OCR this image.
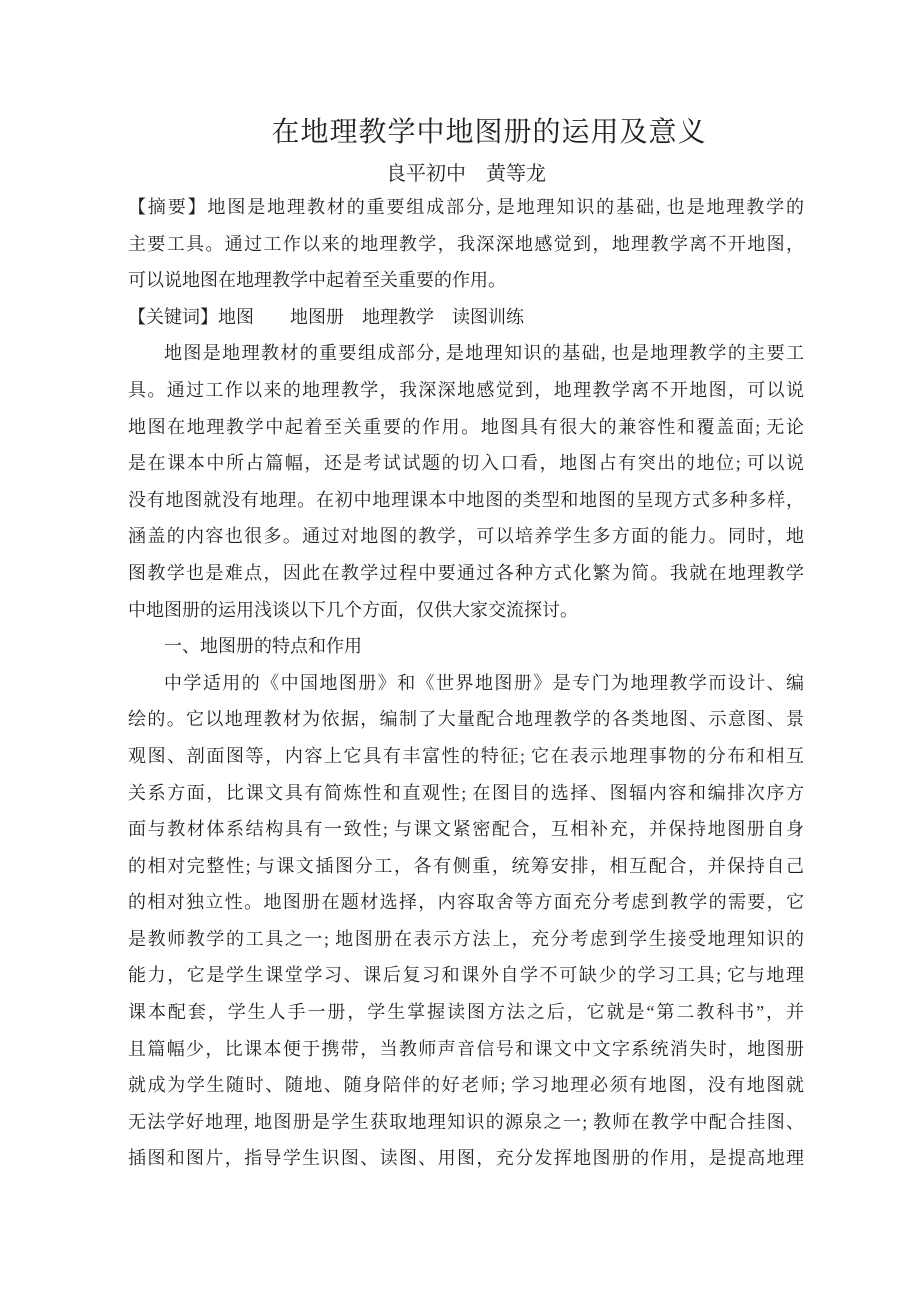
在地理教学中地图册的运用及意义
良平初中　黄等龙
【摘要】地图是地理教材的重要组成部分, 是地理知识的基础, 也是地理教学的
主要工具。通过工作以来的地理教学，我深深地感觉到，地理教学离不开地图，
可以说地图在地理教学中起着至关重要的作用。
【关键词】地图　　地图册　地理教学　读图训练
地图是地理教材的重要组成部分, 是地理知识的基础, 也是地理教学的主要工
具。通过工作以来的地理教学，我深深地感觉到，地理教学离不开地图，可以说
地图在地理教学中起着至关重要的作用。地图具有很大的兼容性和覆盖面; 无论
是在课本中所占篇幅，还是考试试题的切入口看，地图占有突出的地位; 可以说
没有地图就没有地理。在初中地理课本中地图的类型和地图的呈现方式多种多样，
涵盖的内容也很多。通过对地图的教学，可以培养学生多方面的能力。同时，地
图教学也是难点，因此在教学过程中要通过各种方式化繁为简。我就在地理教学
中地图册的运用浅谈以下几个方面，仅供大家交流探讨。
一、地图册的特点和作用
中学适用的《中国地图册》和《世界地图册》是专门为地理教学而设计、编
绘的。它以地理教材为依据，编制了大量配合地理教学的各类地图、示意图、景
观图、剖面图等，内容上它具有丰富性的特征; 它在表示地理事物的分布和相互
关系方面，比课文具有简炼性和直观性; 在图目的选择、图辐内容和编排次序方
面与教材体系结构具有一致性; 与课文紧密配合，互相补充，并保持地图册自身
的相对完整性; 与课文插图分工，各有侧重，统筹安排，相互配合，并保持自己
的相对独立性。地图册在题材选择，内容取舍等方面充分考虑到教学的需要，它
是教师教学的工具之一; 地图册在表示方法上，充分考虑到学生接受地理知识的
能力，它是学生课堂学习、课后复习和课外自学不可缺少的学习工具; 它与地理
课本配套，学生人手一册，学生掌握读图方法之后，它就是“第二教科书”，并
且篇幅少，比课本便于携带，当教师声音信号和课文中文字系统消失时，地图册
就成为学生随时、随地、随身陪伴的好老师; 学习地理必须有地图，没有地图就
无法学好地理, 地图册是学生获取地理知识的源泉之一; 教师在教学中配合挂图、
插图和图片，指导学生识图、读图、用图，充分发挥地图册的作用，是提高地理
